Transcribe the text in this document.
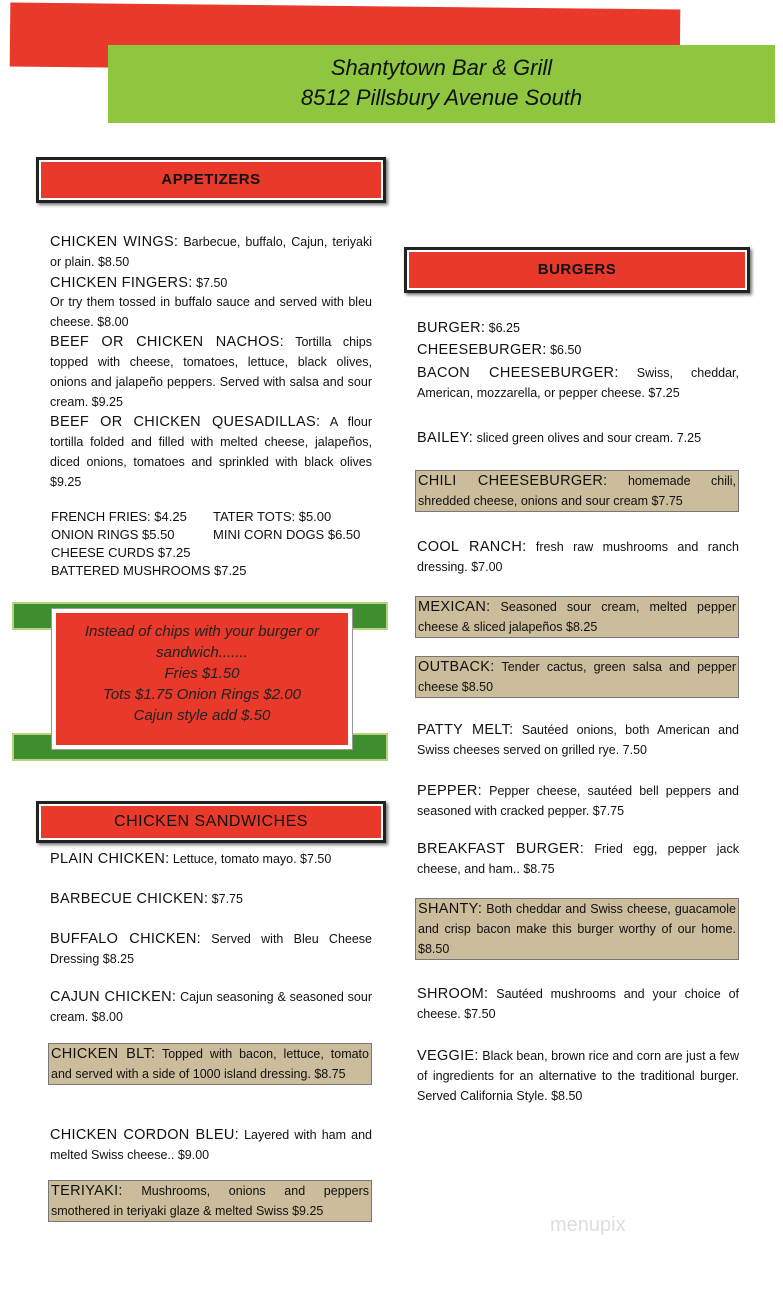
Shantytown Bar & Grill
8512 Pillsbury Avenue South
APPETIZERS
BURGERS
CHICKEN SANDWICHES
FRENCH FRIES: $4.25 TATER TOTS: $5.00
ONION RINGS $5.50	MINI CORN DOGS $6.50
CHEESE CURDS $7.25
BATTERED MUSHROOMS $7.25
Instead of chips with your burger or sandwich.......
Fries $1.50
Tots $1.75 Onion Rings $2.00
Cajun style add $.50
CHICKEN WINGS: Barbecue, buffalo, Cajun, teriyaki or plain. $8.50
CHICKEN FINGERS: $7.50
Or try them tossed in buffalo sauce and served with bleu cheese. $8.00
BEEF OR CHICKEN NACHOS: Tortilla chips topped with cheese, tomatoes, lettuce, black olives, onions and jalapeño peppers. Served with salsa and sour cream. $9.25
BEEF OR CHICKEN QUESADILLAS: A flour tortilla folded and filled with melted cheese, jalapeños, diced onions, tomatoes and sprinkled with black olives $9.25
PLAIN CHICKEN: Lettuce, tomato mayo. $7.50
BARBECUE CHICKEN: $7.75
BUFFALO CHICKEN: Served with Bleu Cheese Dressing $8.25
CAJUN CHICKEN: Cajun seasoning & seasoned sour cream. $8.00
CHICKEN BLT: Topped with bacon, lettuce, tomato and served with a side of 1000 island dressing. $8.75
CHICKEN CORDON BLEU: Layered with ham and melted Swiss cheese.. $9.00
TERIYAKI: Mushrooms, onions and peppers smothered in teriyaki glaze & melted Swiss $9.25
BURGER: $6.25
CHEESEBURGER: $6.50
BACON CHEESEBURGER: Swiss, cheddar, American, mozzarella, or pepper cheese. $7.25
BAILEY: sliced green olives and sour cream. 7.25
CHILI CHEESEBURGER: homemade chili, shredded cheese, onions and sour cream $7.75
COOL RANCH: fresh raw mushrooms and ranch dressing. $7.00
MEXICAN: Seasoned sour cream, melted pepper cheese & sliced jalapeños $8.25
OUTBACK: Tender cactus, green salsa and pepper cheese $8.50
PATTY MELT: Sautéed onions, both American and Swiss cheeses served on grilled rye. 7.50
PEPPER: Pepper cheese, sautéed bell peppers and seasoned with cracked pepper. $7.75
BREAKFAST BURGER: Fried egg, pepper jack cheese, and ham.. $8.75
SHANTY: Both cheddar and Swiss cheese, guacamole and crisp bacon make this burger worthy of our home. $8.50
SHROOM: Sautéed mushrooms and your choice of cheese. $7.50
VEGGIE: Black bean, brown rice and corn are just a few of ingredients for an alternative to the traditional burger. Served California Style. $8.50
menupix
